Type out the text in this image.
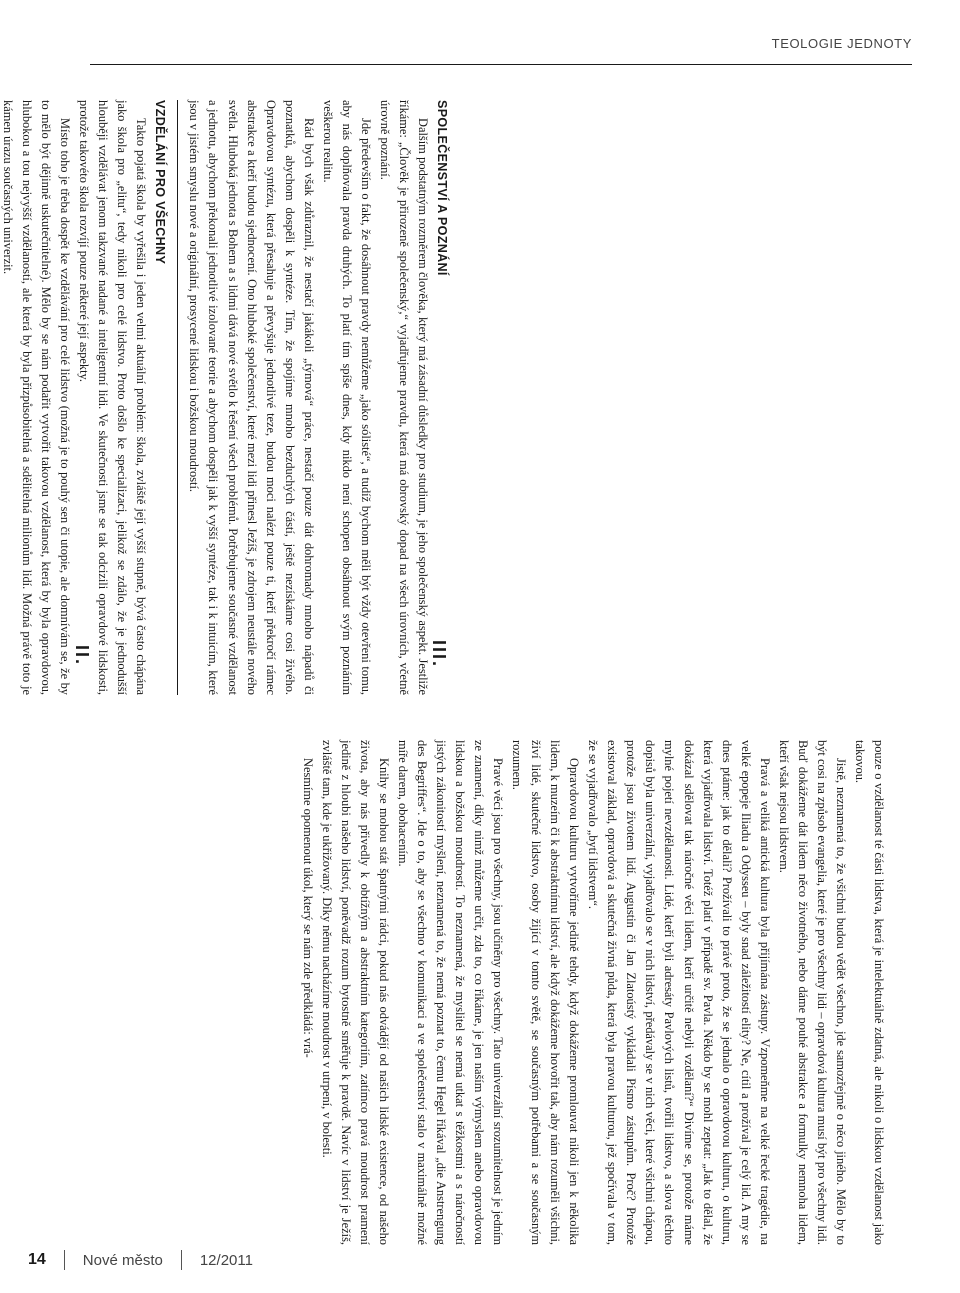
TEOLOGIE JEDNOTY
SPOLEČENSTVÍ A POZNÁNÍ

Dalším podstatným rozměrem člověka, který má zásadní důsledky pro studium, je jeho společenský aspekt. Jestliže říkáme: „Člověk je přirozeně společenský,“ vyjadřujeme pravdu, která má obrovský dopad na všech úrovních, včetně úrovně poznání.

Jde především o fakt, že dosáhnout pravdy nemůžeme „jako sólisté“, a tudíž bychom měli být vždy otevřeni tomu, aby nás doplňovala pravda druhých. To platí tím spíše dnes, kdy nikdo není schopen obsáhnout svým poznáním veškerou realitu.

Rád bych však zdůraznil, že nestačí jakákoli „týmová“ práce, nestačí pouze dát dohromady mnoho nápadů či poznatků, abychom dospěli k syntéze. Tím, že spojíme mnoho bezduchých částí, ještě nezískáme cosi živého. Opravdovou syntézu, která přesahuje a převyšuje jednotlivé teze, budou moci nalézt pouze ti, kteří překročí rámec abstrakce a kteří budou sjednocení. Ono hluboké společenství, které mezi lidi přinesl Ježíš, je zdrojem neustále nového světla. Hluboká jednota s Bohem a s lidmi dává nové světlo k řešení všech problémů. Potřebujeme současné vzdělanost a jednotu, abychom překonali jednotlivé izolované teorie a abychom dospěli jak k vyšší syntéze, tak i k intuicím, které jsou v jistém smyslu nové a originální, prosycené lidskou i božskou moudrostí.

VZDĚLÁNÍ PRO VŠECHNY

Takto pojatá škola by vyřešila i jeden velmi aktuální problém: škola, zvláště její vyšší stupně, bývá často chápána jako škola pro „elitu“, tedy nikoli pro celé lidstvo. Proto došlo ke specializaci, jelikož se zdálo, že je jednodušší hlouběji vzdělávat jenom takzvané nadané a inteligentní lidi. Ve skutečnosti jsme se tak odcizili opravdové lidskosti, protože takovéto škola rozvíjí pouze některé její aspekty.

Místo toho je třeba dospět ke vzdělávání pro celé lidstvo (možná je to pouhý sen či utopie, ale domnívám se, že by to mělo být dějinně uskutečnitelné). Mělo by se nám podařit vytvořit takovou vzdělanost, která by byla opravdovou, hlubokou a tou nejvyšší vzdělaností, ale která by byla přizpůsobitelná a sdělitelná milionům lidí. Možná právě toto je kámen úrazu současných univerzit.

II.

pouze o vzdělanost té části lidstva, která je intelektuálně zdatná, ale nikoli o lidskou vzdělanost jako takovou.

Jistě, neznamená to, že všichni budou vědět všechno, jde samozřejmě o něco jiného. Mělo by to být cosi na způsob evangelia, které je pro všechny lidi – opravdová kultura musí být pro všechny lidi. Buď dokážeme dát lidem něco životného, nebo dáme pouhé abstrakce a formulky nemnoha lidem, kteří však nejsou lidstvem.

Pravá a veliká antická kultura byla přijímána zástupy. Vzpomeňme na velké řecké tragédie, na velké epopeje Iliadu a Odysseu – byly snad záležitostí elity? Ne, cítil a prožíval je celý lid. A my se dnes ptáme: jak to dělali? Prožívali to právě proto, že se jednalo o opravdovou kulturu, o kulturu, která vyjadřovala lidství. Totéž platí v případě sv. Pavla. Někdo by se mohl zeptat: „Jak to dělal, že dokázal sdělovat tak náročné věci lidem, kteří určitě nebyli vzdělaní?“ Divíme se, protože máme mylné pojetí nevzdělanosti. Lidé, kteří byli adresáty Pavlových listů, tvořili lidstvo, a slova těchto dopisů byla univerzální, vyjadřovalo se v nich lidství, předávaly se v nich věci, které všichni chápou, protože jsou životem lidí. Augustin či Jan Zlatoústý vykládali Písmo zástupům. Proč? Protože existoval základ, opravdová a skutečná živná půda, která byla pravou kulturou, jež spočívala v tom, že se vyjadřovalo „bytí lidstvem“.

Opravdovou kulturu vytvoříme jedině tehdy, když dokážeme promlouvat nikoli jen k několika lidem, k muzeím či k abstraktnímu lidství, ale když dokážeme hovořit tak, aby nám rozuměli všichni, živí lidé, skutečné lidstvo, osoby žijící v tomto světě, se současným potřebami a se současným rozumem.

Pravé věci jsou pro všechny, jsou učiněny pro všechny. Tato univerzální srozumitelnost je jedním ze znamení, díky nimž můžeme určit, zda to, co říkáme, je jen naším výmyslem anebo opravdovou lidskou a božskou moudrostí. To neznamená, že myslitel se nemá utkat s těžkostmi a s náročností jistých zákonitostí myšlení, neznamená to, že nemá poznat to, čemu Hegel říkával „die Anstrengung des Begriffes“. Jde o to, aby se všechno v komunikaci a ve společenství stalo v maximálně možné míře darem, obohacením.

Knihy se mohou stát špatnými rádci, pokud nás odvádějí od našich lidské existence, od našeho života, aby nás přivedly k obtížným a abstraktním kategoriím, zatímco pravá moudrost pramení jedině z hloubi našeho lidství, poněvadž rozum bytostně směřuje k pravdě. Navíc v lidství je Ježíš, zvláště tam, kde je ukřižovaný. Díky němu nacházíme moudrost v utrpení, v bolesti.

Nesmíme opomenout úkol, který se nám zde předkládá: vrá-

III.
14 Nové město 12/2011
